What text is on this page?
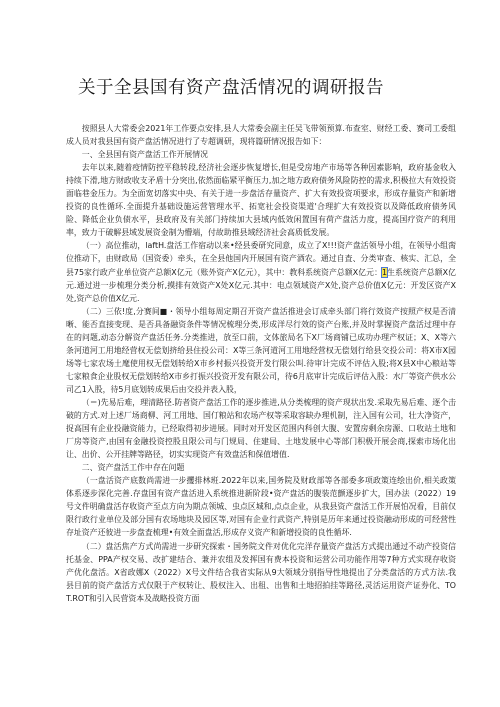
关于全县国有资产盘活情况的调研报告

按照县人大常委会2021年工作要点安排,县人大常委会副主任吴飞带领预算.布查室、财经工委、赛司工委组成人员对我县国有资产盘活情况进行了专超调研，现将篇研情况报告如下：

一、全县国有资产盘活工作开展情况

去年以来,随着疫情防控平稳转段,经济社会逐步恢复增长,但是受房地产市场等各种因素影响，政府基金收入持续下滑,地方财政收支矛盾十分突出,依然面临紧平衡压力,加之地方政府债务风险防控的需求,积极拉大有效投资面临巷金压力。为全面宽切落实中央、有关于进一步盘活存量资产、扩大有效投资项要求，形成存量资产和新增投资的良性循环.全面提升基础设施运营管理水平、拓宽社会投资渠道'合理扩大有效投资以及降低政府债务风险、降低企业负债水平，县政府及有关部门持续加大县域内低效闲置国有荷产盘活力度，提高国疗资产的利用率，致力于破解县域发展资金制为懵端，付故助推县域经济社会高质低发展。

（一）高位推动，laftH.盘活工作宿动以来•经县委研究同意，成立了X!!!资产盘活领导小组，在领导小组脔位推动下，由财政局（国资委）牵头，在全县他国内开展国有资产酒农。通过自査、分类审查、核实、汇总，全县75家行政产业单位资产总额X亿元（账外资产X亿元），其中：教科系统资产总额X亿元：1生系统资产总额X亿元.通过进一步梳理分类分析,摸排有效资产X处X亿元.其中：电点领域资产X处,资产总价值X亿元：开发区资产X处,资产总价值X亿元.

（二）三依!度,分赛间■・领导小组每周定期召开资产盘活推进会订成牵头部门将行效资产按照产权是否清晰、能否直接变现、是否具备融资条件等情况梳理分类,形成洋尽行效的资产台账,并及时掌握资产盘活过理中存在的问题,动态分解资产盘活任务.分类推进，放至口前，文体旅局名下X厂场商铺已成功办理产权证；X、X等六条河道河工用地经营权无偿划挤给县住投公司：X等三条河道河工用地经营权无偿划行给县交投公司：将X市X园场等七家农场土麾使用权无偿划转给X市乡村振兴投资开发行限公叫.待审计完成不评估入股;将X县X中心粮站等七家粮食企业股权无偿划转给X市乡打振兴投资开发有限公司，待6月底审计完成后评估入股：水厂等资产供水公司乙1入股，待5月底划转成果后由交投并表入股，

（＝)先易后难，理清路径.防者资产盘活工作的逐步推进,从分类梳理的资产现状出发.采取先易后难、逐个击破的方式.对上述厂场商柳、河工用地、国仃粮站和农场产权等采取容缺办理机制，注入国有公司，壮大净资产，捉高国有企业投融资能力，已经取得初步进展。同时对开发区范围内科创大腹、安置房剩余房源、口收站土地和厂房等资产,由国有金融投资控股且限公司与门规局、住建局、土地发展中心等部门积极开展会商,探索市场化出让、出价、公开挂牌等路径，切实实现资产有效盘活和保值增值.

二、资产盘活工作中存在问题

（一盘活资产底数尚需进一步攫排林班.2022年以来,国务院及财政部等各部委多项政策连绘出价,相关政策体系逐步深化完善.存盘国有资产盘活进入系统推进新阶段•资产盘活的腹装范颤逐步扩大，国办法（2022）19号文件明确盘活存收资产至点方向为期点领城、虫点区城和,点点企业，从我县资产盘活工作开展怕况看，目前仅限行政行业单位及部分国有农场地块及园区等,对国有企业行武资产,特别是历年来通过投资融动形成的可经营性存址资产还彼进一步盘査梳理•有效全面盘活,形成存义资产和新增投资的良性循坏.

（二）盘活焦产方式尚需进一步研究探索・国务院文件对优化完洋存量资产盘活方式提出通过不动产投资信托基金、PPA产权交易、改扩建结合、兼并农组及发挥国有费本投资和运营公司功能作用等7种方式实现存收资产优化盘活。X省政娜X（2022）X号文件结合我省实际从9大领域分别指导性地提出了分类盘活的方式方法.我县目前的资产盘活方式仅限于产权转让、股权注入、出租、出售和土地招拍挂等路径,灵活运用资产证券化、TOT.ROT和引入民营资本及战略投资方面
